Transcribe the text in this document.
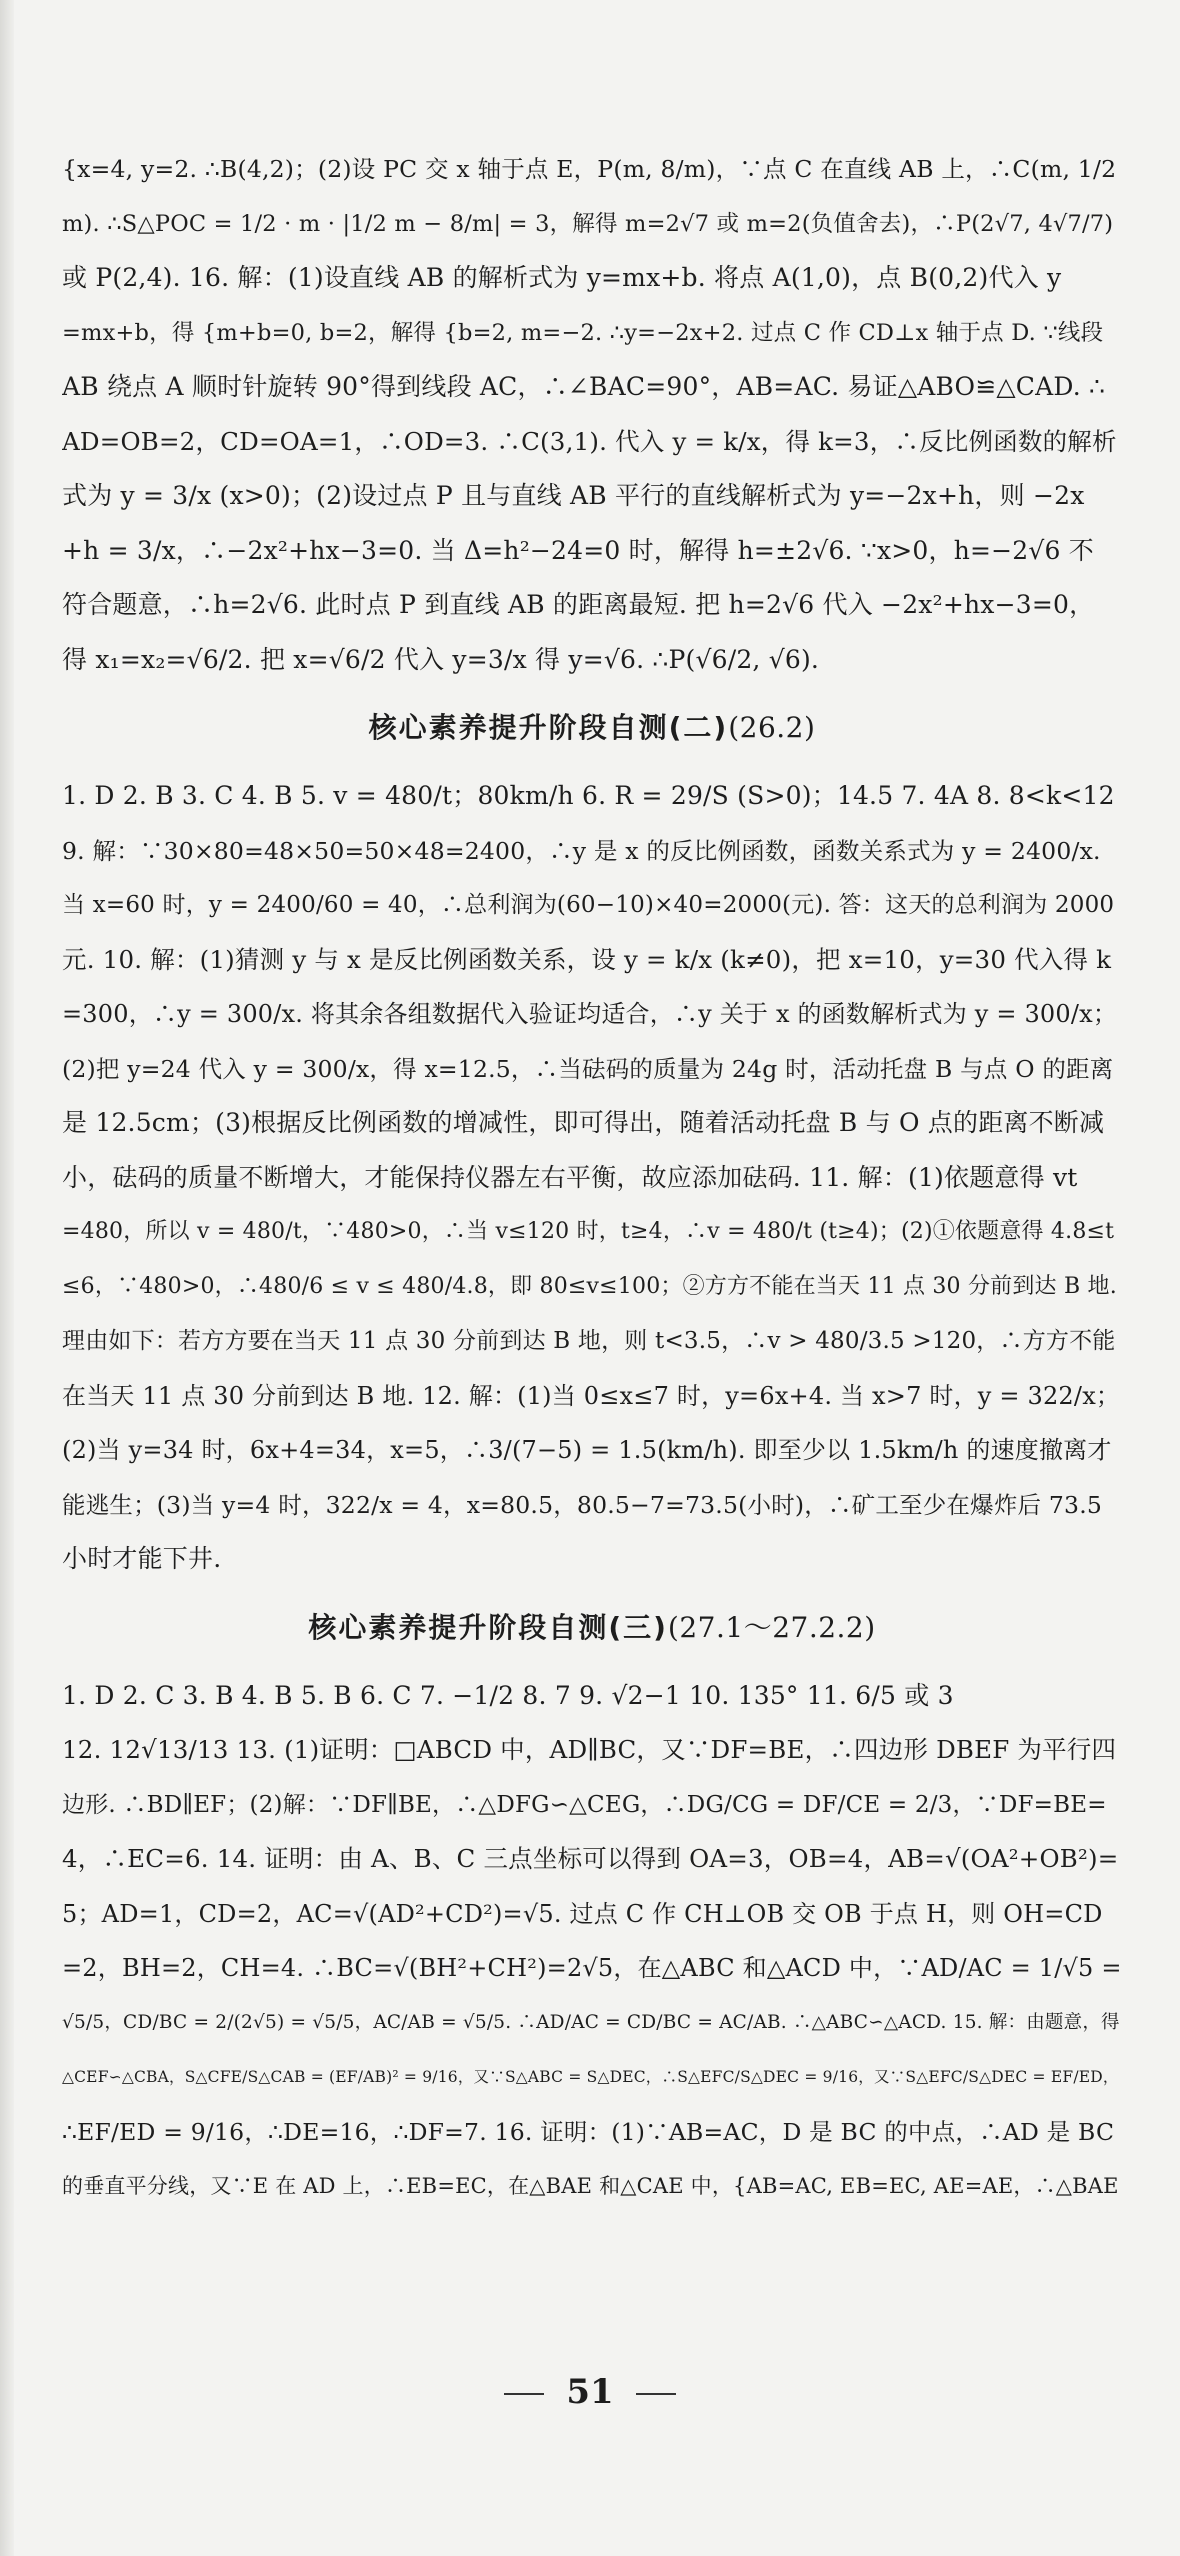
{x=4, y=2. ∴B(4,2)；(2)设 PC 交 x 轴于点 E，P(m, 8/m)，∵点 C 在直线 AB 上，∴C(m, 1/2
m). ∴S△POC = 1/2 · m · |1/2 m − 8/m| = 3，解得 m=2√7 或 m=2(负值舍去)，∴P(2√7, 4√7/7)
或 P(2,4). 16. 解：(1)设直线 AB 的解析式为 y=mx+b. 将点 A(1,0)，点 B(0,2)代入 y
=mx+b，得 {m+b=0, b=2，解得 {b=2, m=−2. ∴y=−2x+2. 过点 C 作 CD⊥x 轴于点 D. ∵线段
AB 绕点 A 顺时针旋转 90°得到线段 AC，∴∠BAC=90°，AB=AC. 易证△ABO≌△CAD. ∴
AD=OB=2，CD=OA=1，∴OD=3. ∴C(3,1). 代入 y = k/x，得 k=3，∴反比例函数的解析
式为 y = 3/x (x>0)；(2)设过点 P 且与直线 AB 平行的直线解析式为 y=−2x+h，则 −2x
+h = 3/x，∴−2x²+hx−3=0. 当 Δ=h²−24=0 时，解得 h=±2√6. ∵x>0，h=−2√6 不
符合题意，∴h=2√6. 此时点 P 到直线 AB 的距离最短. 把 h=2√6 代入 −2x²+hx−3=0，
得 x₁=x₂=√6/2. 把 x=√6/2 代入 y=3/x 得 y=√6. ∴P(√6/2, √6).

核心素养提升阶段自测(二)(26.2)

1. D 2. B 3. C 4. B 5. v = 480/t；80km/h 6. R = 29/S (S>0)；14.5 7. 4A 8. 8<k<12
9. 解：∵30×80=48×50=50×48=2400，∴y 是 x 的反比例函数，函数关系式为 y = 2400/x.
当 x=60 时，y = 2400/60 = 40，∴总利润为(60−10)×40=2000(元). 答：这天的总利润为 2000
元. 10. 解：(1)猜测 y 与 x 是反比例函数关系，设 y = k/x (k≠0)，把 x=10，y=30 代入得 k
=300，∴y = 300/x. 将其余各组数据代入验证均适合，∴y 关于 x 的函数解析式为 y = 300/x；
(2)把 y=24 代入 y = 300/x，得 x=12.5，∴当砝码的质量为 24g 时，活动托盘 B 与点 O 的距离
是 12.5cm；(3)根据反比例函数的增减性，即可得出，随着活动托盘 B 与 O 点的距离不断减
小，砝码的质量不断增大，才能保持仪器左右平衡，故应添加砝码. 11. 解：(1)依题意得 vt
=480，所以 v = 480/t，∵480>0，∴当 v≤120 时，t≥4，∴v = 480/t (t≥4)；(2)①依题意得 4.8≤t
≤6，∵480>0，∴480/6 ≤ v ≤ 480/4.8，即 80≤v≤100；②方方不能在当天 11 点 30 分前到达 B 地.
理由如下：若方方要在当天 11 点 30 分前到达 B 地，则 t<3.5，∴v > 480/3.5 >120，∴方方不能
在当天 11 点 30 分前到达 B 地. 12. 解：(1)当 0≤x≤7 时，y=6x+4. 当 x>7 时，y = 322/x；
(2)当 y=34 时，6x+4=34，x=5，∴3/(7−5) = 1.5(km/h). 即至少以 1.5km/h 的速度撤离才
能逃生；(3)当 y=4 时，322/x = 4，x=80.5，80.5−7=73.5(小时)，∴矿工至少在爆炸后 73.5
小时才能下井.

核心素养提升阶段自测(三)(27.1～27.2.2)

1. D 2. C 3. B 4. B 5. B 6. C 7. −1/2 8. 7 9. √2−1 10. 135° 11. 6/5 或 3
12. 12√13/13 13. (1)证明：□ABCD 中，AD∥BC，又∵DF=BE，∴四边形 DBEF 为平行四
边形. ∴BD∥EF；(2)解：∵DF∥BE，∴△DFG∽△CEG，∴DG/CG = DF/CE = 2/3，∵DF=BE=
4，∴EC=6. 14. 证明：由 A、B、C 三点坐标可以得到 OA=3，OB=4，AB=√(OA²+OB²)=
5；AD=1，CD=2，AC=√(AD²+CD²)=√5. 过点 C 作 CH⊥OB 交 OB 于点 H，则 OH=CD
=2，BH=2，CH=4. ∴BC=√(BH²+CH²)=2√5，在△ABC 和△ACD 中，∵AD/AC = 1/√5 =
√5/5，CD/BC = 2/(2√5) = √5/5，AC/AB = √5/5. ∴AD/AC = CD/BC = AC/AB. ∴△ABC∽△ACD. 15. 解：由题意，得
△CEF∽△CBA，S△CFE/S△CAB = (EF/AB)² = 9/16，又∵S△ABC = S△DEC，∴S△EFC/S△DEC = 9/16，又∵S△EFC/S△DEC = EF/ED，
∴EF/ED = 9/16，∴DE=16，∴DF=7. 16. 证明：(1)∵AB=AC，D 是 BC 的中点，∴AD 是 BC
的垂直平分线，又∵E 在 AD 上，∴EB=EC，在△BAE 和△CAE 中，{AB=AC, EB=EC, AE=AE，∴△BAE

51
